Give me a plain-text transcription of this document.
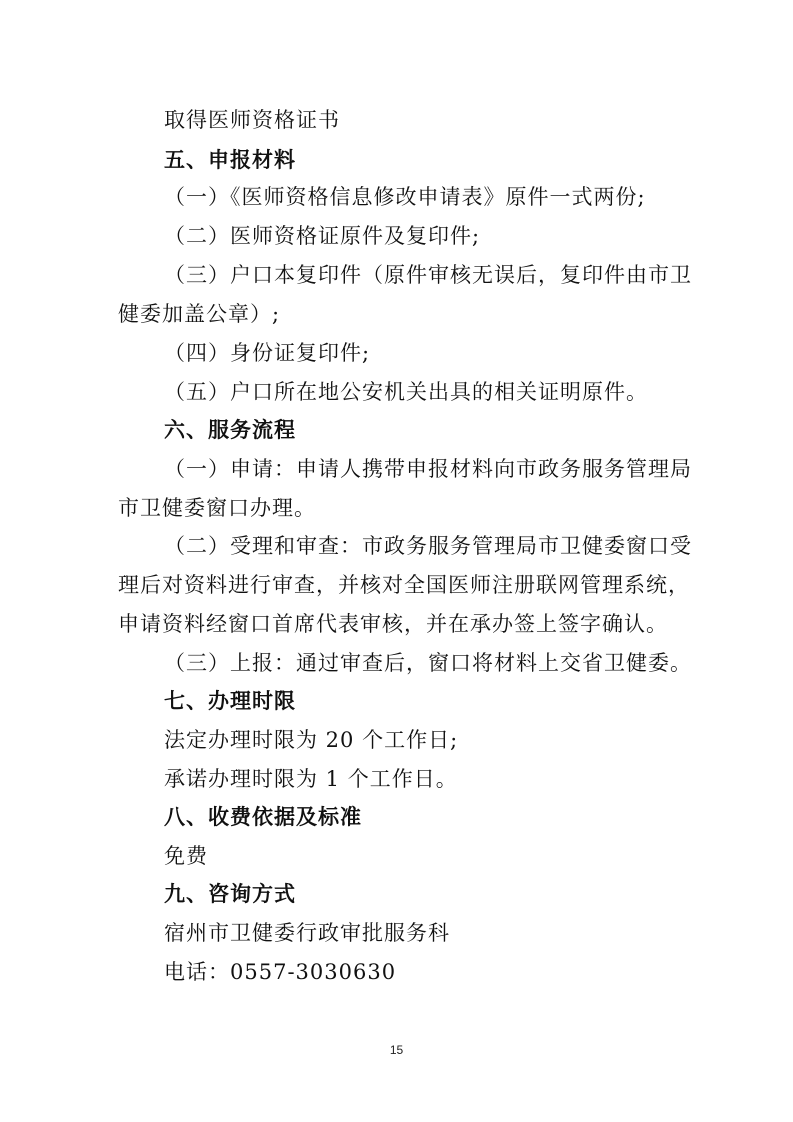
取得医师资格证书
五、申报材料
（一）《医师资格信息修改申请表》原件一式两份;
（二）医师资格证原件及复印件;
（三）户口本复印件（原件审核无误后，复印件由市卫
健委加盖公章）;
（四）身份证复印件;
（五）户口所在地公安机关出具的相关证明原件。
六、服务流程
（一）申请：申请人携带申报材料向市政务服务管理局
市卫健委窗口办理。
（二）受理和审查：市政务服务管理局市卫健委窗口受
理后对资料进行审查，并核对全国医师注册联网管理系统，
申请资料经窗口首席代表审核，并在承办签上签字确认。
（三）上报：通过审查后，窗口将材料上交省卫健委。
七、办理时限
法定办理时限为 20 个工作日;
承诺办理时限为 1 个工作日。
八、收费依据及标准
免费
九、咨询方式
宿州市卫健委行政审批服务科
电话：0557-3030630
15
